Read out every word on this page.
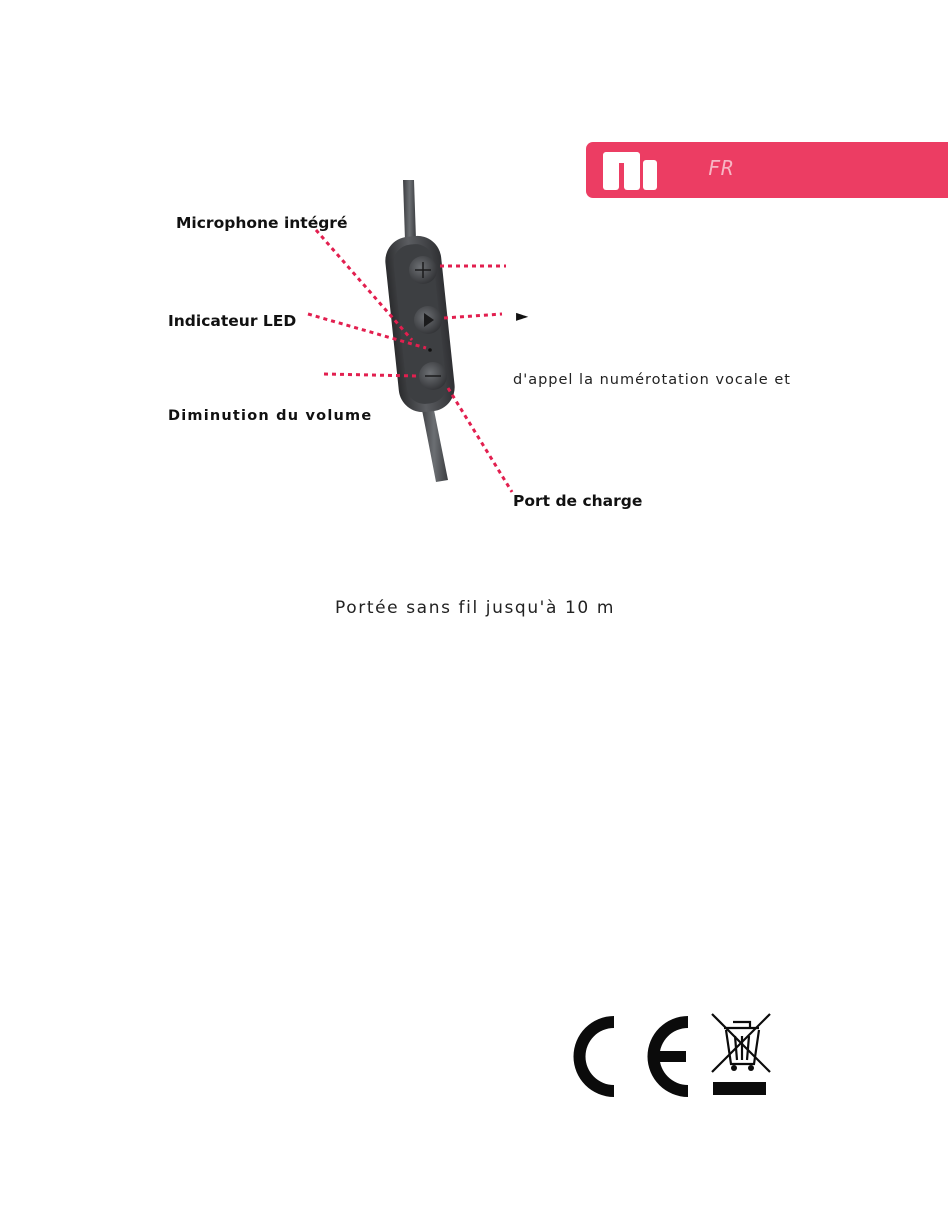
FR
Microphone intégré
Indicateur LED
Diminution du volume
Port de charge
►
d'appel la numérotation vocale et
Portée sans fil jusqu'à 10 m
